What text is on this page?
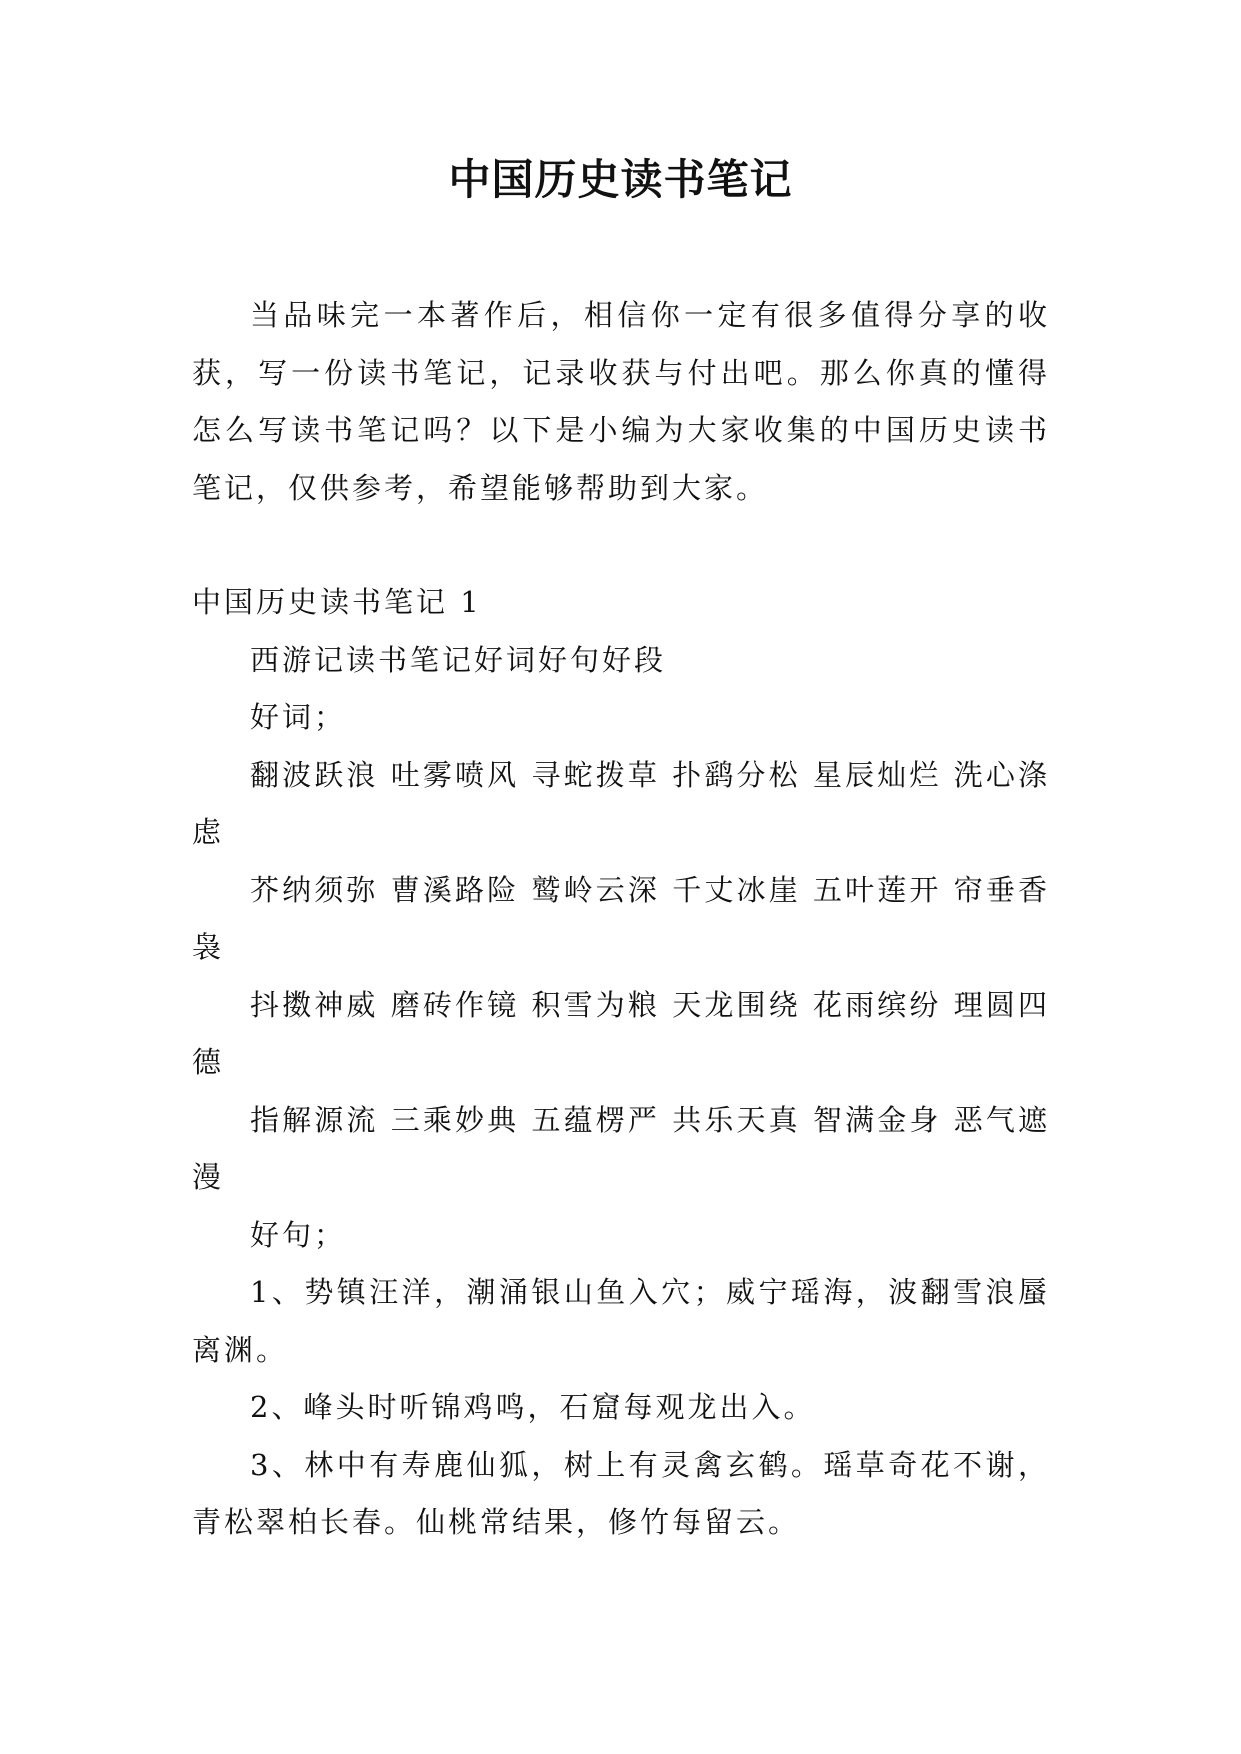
中国历史读书笔记

当品味完一本著作后，相信你一定有很多值得分享的收获，写一份读书笔记，记录收获与付出吧。那么你真的懂得怎么写读书笔记吗？以下是小编为大家收集的中国历史读书笔记，仅供参考，希望能够帮助到大家。

中国历史读书笔记 1

西游记读书笔记好词好句好段

好词；

翻波跃浪 吐雾喷风 寻蛇拨草 扑鹞分松 星辰灿烂 洗心涤虑

芥纳须弥 曹溪路险 鹫岭云深 千丈冰崖 五叶莲开 帘垂香袅

抖擞神威 磨砖作镜 积雪为粮 天龙围绕 花雨缤纷 理圆四德

指解源流 三乘妙典 五蕴楞严 共乐天真 智满金身 恶气遮漫

好句；

1、势镇汪洋，潮涌银山鱼入穴；威宁瑶海，波翻雪浪蜃离渊。

2、峰头时听锦鸡鸣，石窟每观龙出入。

3、林中有寿鹿仙狐，树上有灵禽玄鹤。瑶草奇花不谢，青松翠柏长春。仙桃常结果，修竹每留云。
